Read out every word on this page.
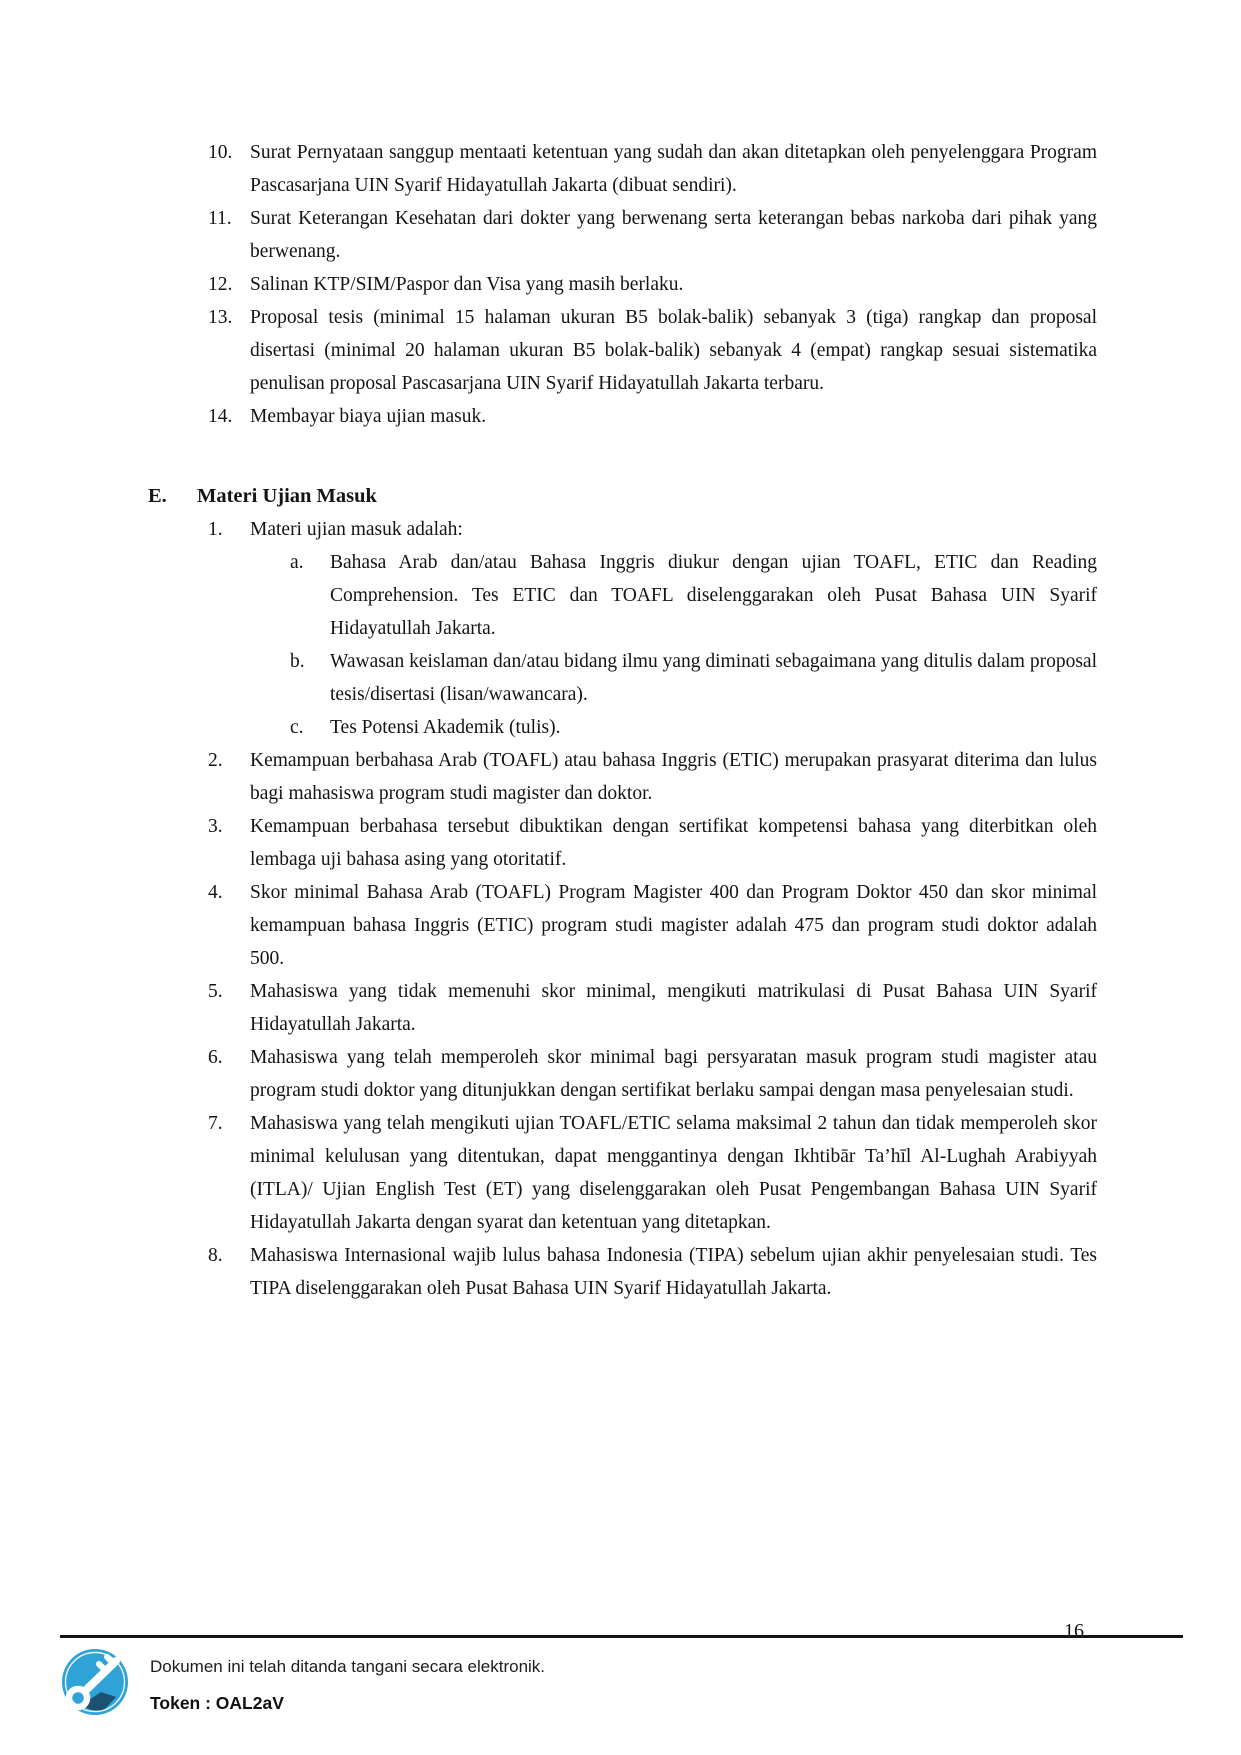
10. Surat Pernyataan sanggup mentaati ketentuan yang sudah dan akan ditetapkan oleh penyelenggara Program Pascasarjana UIN Syarif Hidayatullah Jakarta (dibuat sendiri).
11. Surat Keterangan Kesehatan dari dokter yang berwenang serta keterangan bebas narkoba dari pihak yang berwenang.
12. Salinan KTP/SIM/Paspor dan Visa yang masih berlaku.
13. Proposal tesis (minimal 15 halaman ukuran B5 bolak-balik) sebanyak 3 (tiga) rangkap dan proposal disertasi (minimal 20 halaman ukuran B5 bolak-balik) sebanyak 4 (empat) rangkap sesuai sistematika penulisan proposal Pascasarjana UIN Syarif Hidayatullah Jakarta terbaru.
14. Membayar biaya ujian masuk.
E.	Materi Ujian Masuk
1.	Materi ujian masuk adalah:
a.	Bahasa Arab dan/atau Bahasa Inggris diukur dengan ujian TOAFL, ETIC dan Reading Comprehension. Tes ETIC dan TOAFL diselenggarakan oleh Pusat Bahasa UIN Syarif Hidayatullah Jakarta.
b.	Wawasan keislaman dan/atau bidang ilmu yang diminati sebagaimana yang ditulis dalam proposal tesis/disertasi (lisan/wawancara).
c.	Tes Potensi Akademik (tulis).
2.	Kemampuan berbahasa Arab (TOAFL) atau bahasa Inggris (ETIC) merupakan prasyarat diterima dan lulus bagi mahasiswa program studi magister dan doktor.
3.	Kemampuan berbahasa tersebut dibuktikan dengan sertifikat kompetensi bahasa yang diterbitkan oleh lembaga uji bahasa asing yang otoritatif.
4.	Skor minimal Bahasa Arab (TOAFL) Program Magister 400 dan Program Doktor 450 dan skor minimal kemampuan bahasa Inggris (ETIC) program studi magister adalah 475 dan program studi doktor adalah 500.
5.	Mahasiswa yang tidak memenuhi skor minimal, mengikuti matrikulasi di Pusat Bahasa UIN Syarif Hidayatullah Jakarta.
6.	Mahasiswa yang telah memperoleh skor minimal bagi persyaratan masuk program studi magister atau program studi doktor yang ditunjukkan dengan sertifikat berlaku sampai dengan masa penyelesaian studi.
7.	Mahasiswa yang telah mengikuti ujian TOAFL/ETIC selama maksimal 2 tahun dan tidak memperoleh skor minimal kelulusan yang ditentukan, dapat menggantinya dengan Ikhtibār Ta’hīl Al-Lughah Arabiyyah (ITLA)/ Ujian English Test (ET) yang diselenggarakan oleh Pusat Pengembangan Bahasa UIN Syarif Hidayatullah Jakarta dengan syarat dan ketentuan yang ditetapkan.
8.	Mahasiswa Internasional wajib lulus bahasa Indonesia (TIPA) sebelum ujian akhir penyelesaian studi. Tes TIPA diselenggarakan oleh Pusat Bahasa UIN Syarif Hidayatullah Jakarta.
16
Dokumen ini telah ditanda tangani secara elektronik.
Token : OAL2aV
